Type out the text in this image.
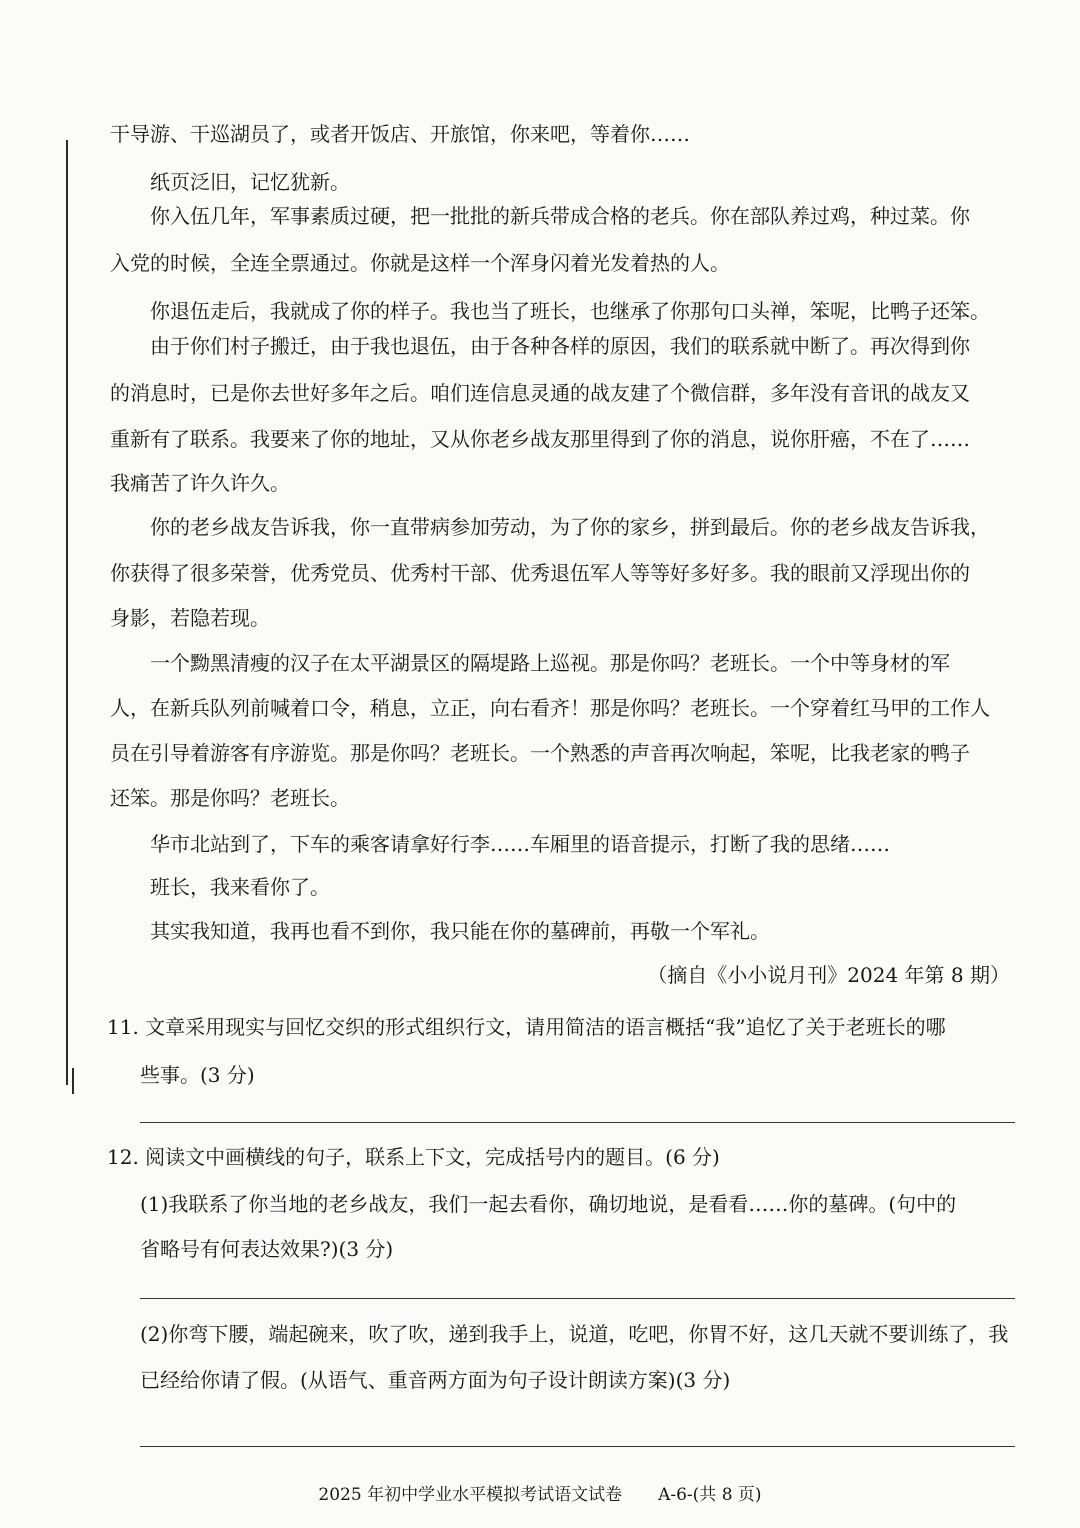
干导游、干巡湖员了，或者开饭店、开旅馆，你来吧，等着你……
纸页泛旧，记忆犹新。
你入伍几年，军事素质过硬，把一批批的新兵带成合格的老兵。你在部队养过鸡，种过菜。你
入党的时候，全连全票通过。你就是这样一个浑身闪着光发着热的人。
你退伍走后，我就成了你的样子。我也当了班长，也继承了你那句口头禅，笨呢，比鸭子还笨。
由于你们村子搬迁，由于我也退伍，由于各种各样的原因，我们的联系就中断了。再次得到你
的消息时，已是你去世好多年之后。咱们连信息灵通的战友建了个微信群，多年没有音讯的战友又
重新有了联系。我要来了你的地址，又从你老乡战友那里得到了你的消息，说你肝癌，不在了……
我痛苦了许久许久。
你的老乡战友告诉我，你一直带病参加劳动，为了你的家乡，拼到最后。你的老乡战友告诉我，
你获得了很多荣誉，优秀党员、优秀村干部、优秀退伍军人等等好多好多。我的眼前又浮现出你的
身影，若隐若现。
一个黝黑清瘦的汉子在太平湖景区的隔堤路上巡视。那是你吗？老班长。一个中等身材的军
人，在新兵队列前喊着口令，稍息，立正，向右看齐！那是你吗？老班长。一个穿着红马甲的工作人
员在引导着游客有序游览。那是你吗？老班长。一个熟悉的声音再次响起，笨呢，比我老家的鸭子
还笨。那是你吗？老班长。
华市北站到了，下车的乘客请拿好行李……车厢里的语音提示，打断了我的思绪……
班长，我来看你了。
其实我知道，我再也看不到你，我只能在你的墓碑前，再敬一个军礼。
（摘自《小小说月刊》2024 年第 8 期）
11. 文章采用现实与回忆交织的形式组织行文，请用简洁的语言概括“我”追忆了关于老班长的哪
些事。(3 分)
12. 阅读文中画横线的句子，联系上下文，完成括号内的题目。(6 分)
(1)我联系了你当地的老乡战友，我们一起去看你，确切地说，是看看……你的墓碑。(句中的
省略号有何表达效果?)(3 分)
(2)你弯下腰，端起碗来，吹了吹，递到我手上，说道，吃吧，你胃不好，这几天就不要训练了，我
已经给你请了假。(从语气、重音两方面为句子设计朗读方案)(3 分)
2025 年初中学业水平模拟考试语文试卷 A-6-(共 8 页)
